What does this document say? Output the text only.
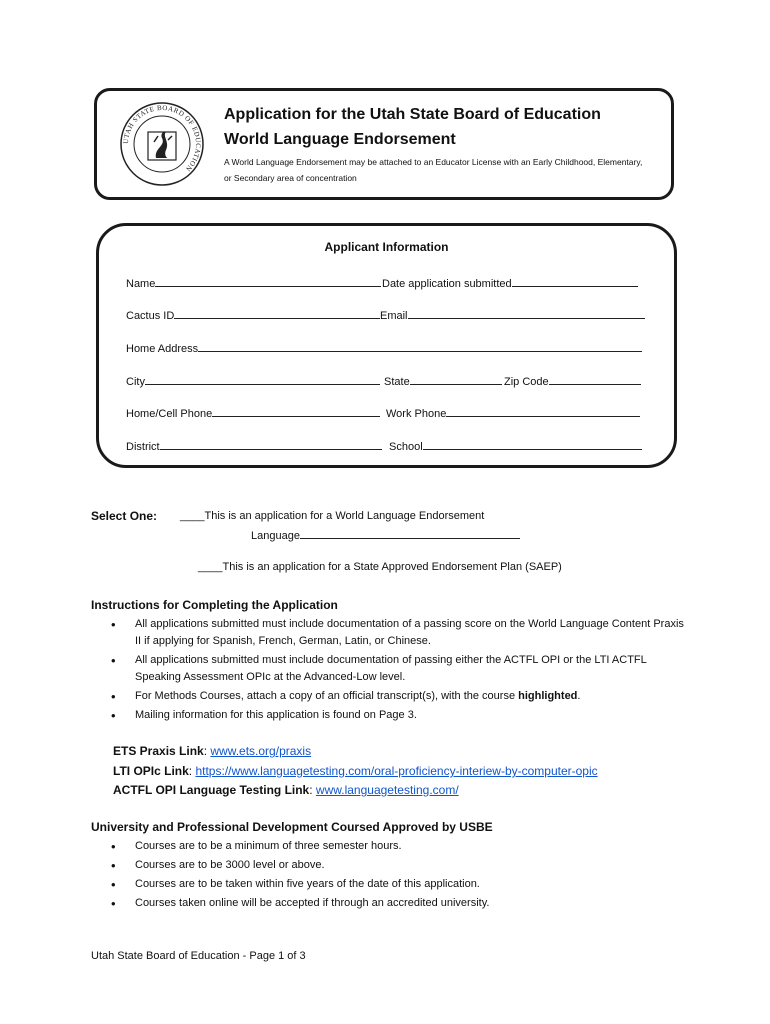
UTAH STATE BOARD OF EDUCATION
Application for the Utah State Board of Education
World Language Endorsement
A World Language Endorsement may be attached to an Educator License with an Early Childhood, Elementary, or Secondary area of concentration
Applicant Information
Name	Date application submitted
Cactus ID	Email
Home Address
City	State	Zip Code
Home/Cell Phone	Work Phone
District	School
Select One: ____This is an application for a World Language Endorsement
Language
____This is an application for a State Approved Endorsement Plan (SAEP)
Instructions for Completing the Application
• All applications submitted must include documentation of a passing score on the World Language Content Praxis II if applying for Spanish, French, German, Latin, or Chinese.
• All applications submitted must include documentation of passing either the ACTFL OPI or the LTI ACTFL Speaking Assessment OPIc at the Advanced-Low level.
• For Methods Courses, attach a copy of an official transcript(s), with the course highlighted.
• Mailing information for this application is found on Page 3.
ETS Praxis Link: www.ets.org/praxis
LTI OPIc Link: https://www.languagetesting.com/oral-proficiency-interiew-by-computer-opic
ACTFL OPI Language Testing Link: www.languagetesting.com/
University and Professional Development Coursed Approved by USBE
• Courses are to be a minimum of three semester hours.
• Courses are to be 3000 level or above.
• Courses are to be taken within five years of the date of this application.
• Courses taken online will be accepted if through an accredited university.
Utah State Board of Education - Page 1 of 3
